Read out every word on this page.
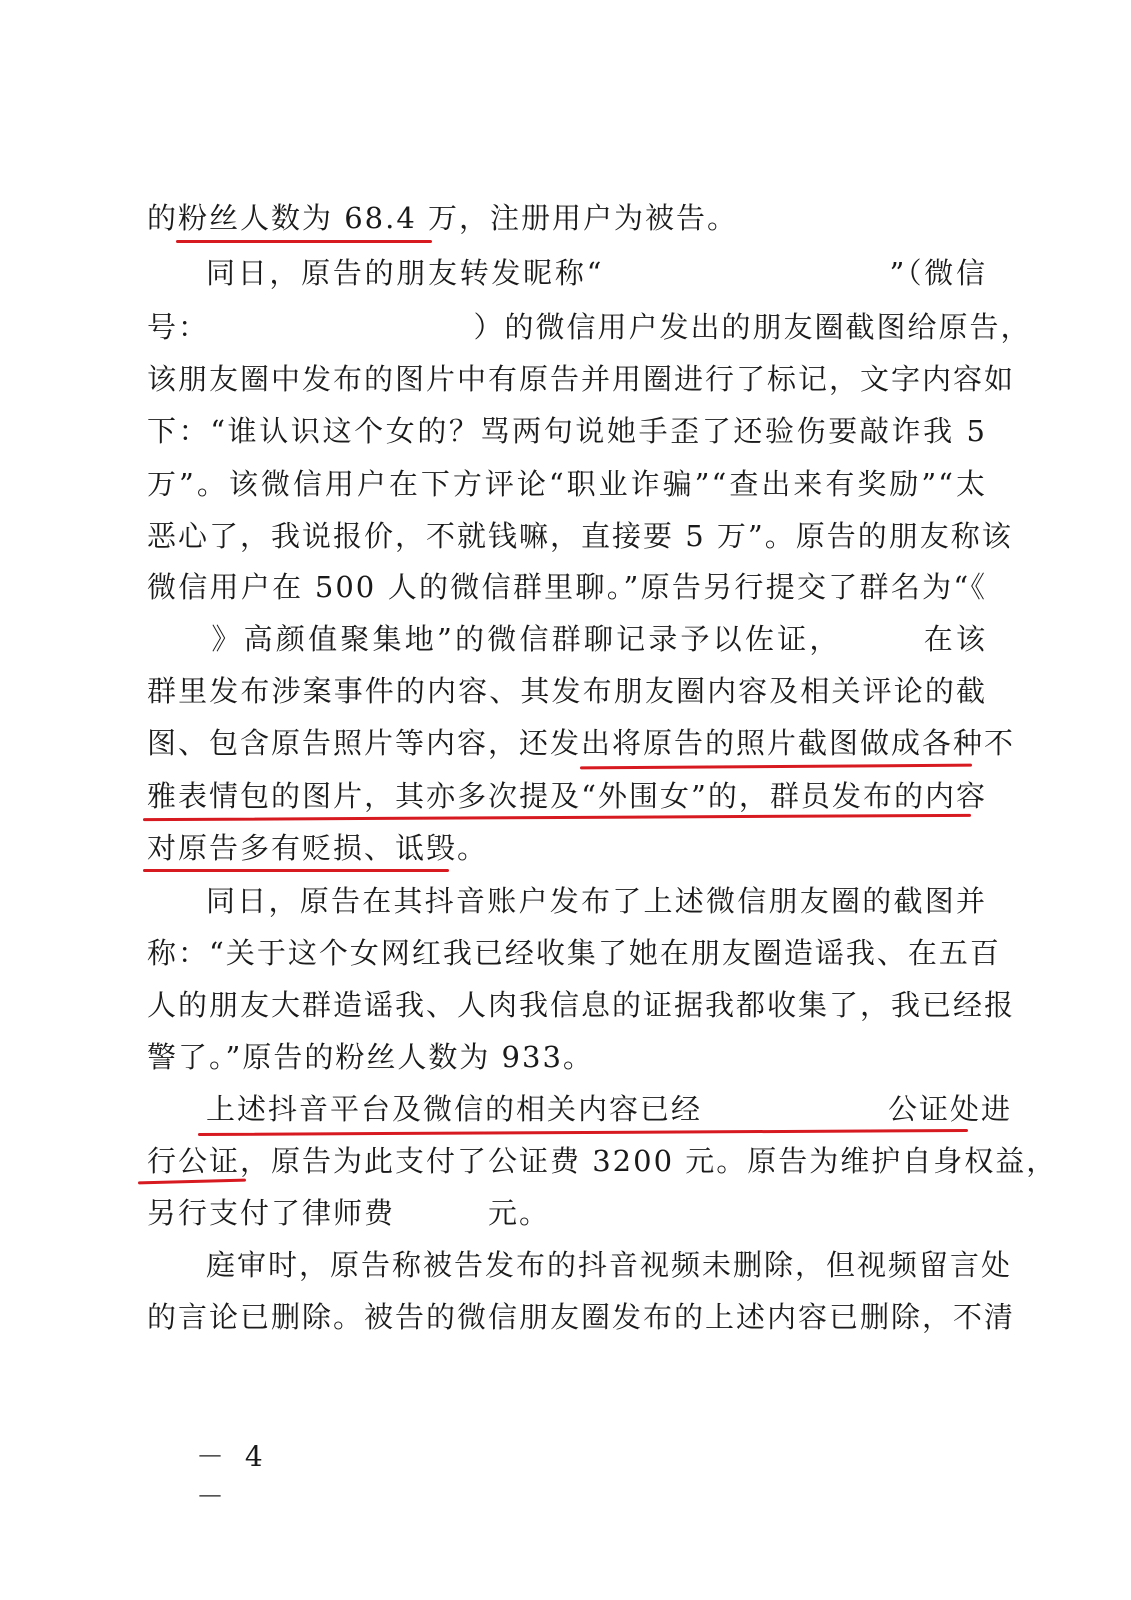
的粉丝人数为 68.4 万，注册用户为被告。
同日，原告的朋友转发昵称“　　　　　　　　　”（微信
号：　　　　　　　　　）的微信用户发出的朋友圈截图给原告，
该朋友圈中发布的图片中有原告并用圈进行了标记，文字内容如
下：“谁认识这个女的？骂两句说她手歪了还验伤要敲诈我 5
万”。该微信用户在下方评论“职业诈骗”“查出来有奖励”“太
恶心了，我说报价，不就钱嘛，直接要 5 万”。原告的朋友称该
微信用户在 500 人的微信群里聊。”原告另行提交了群名为“《
　　》高颜值聚集地”的微信群聊记录予以佐证，　　　在该
群里发布涉案事件的内容、其发布朋友圈内容及相关评论的截
图、包含原告照片等内容，还发出将原告的照片截图做成各种不
雅表情包的图片，其亦多次提及“外围女”的，群员发布的内容
对原告多有贬损、诋毁。
同日，原告在其抖音账户发布了上述微信朋友圈的截图并
称：“关于这个女网红我已经收集了她在朋友圈造谣我、在五百
人的朋友大群造谣我、人肉我信息的证据我都收集了，我已经报
警了。”原告的粉丝人数为 933。
上述抖音平台及微信的相关内容已经　　　　　　公证处进
行公证，原告为此支付了公证费 3200 元。原告为维护自身权益，
另行支付了律师费　　　元。
庭审时，原告称被告发布的抖音视频未删除，但视频留言处
的言论已删除。被告的微信朋友圈发布的上述内容已删除，不清
－ 4 －
